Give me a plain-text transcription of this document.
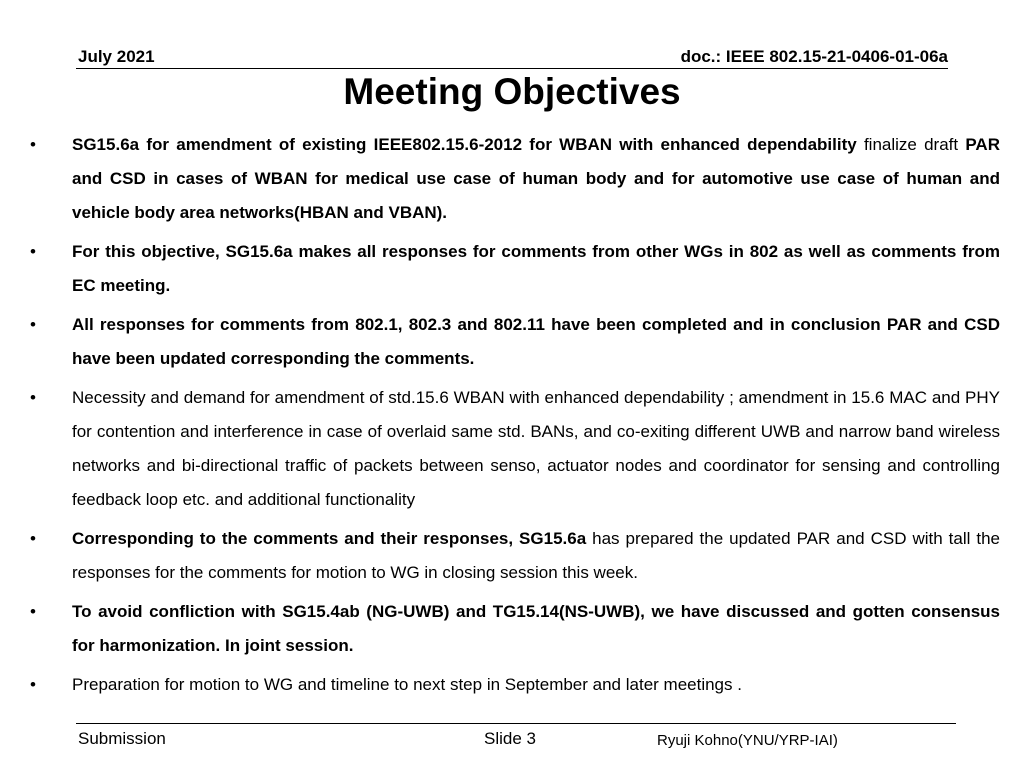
July 2021	doc.: IEEE 802.15-21-0406-01-06a
Meeting Objectives
• SG15.6a for amendment of existing IEEE802.15.6-2012 for WBAN with enhanced dependability finalize draft PAR and CSD in cases of WBAN for medical use case of human body and for automotive use case of human and vehicle body area networks(HBAN and VBAN).
• For this objective, SG15.6a makes all responses for comments from other WGs in 802 as well as comments from EC meeting.
• All responses for comments from 802.1, 802.3 and 802.11 have been completed and in conclusion PAR and CSD have been updated corresponding the comments.
• Necessity and demand for amendment of std.15.6 WBAN with enhanced dependability ; amendment in 15.6 MAC and PHY for contention and interference in case of overlaid same std. BANs, and co-exiting different UWB and narrow band wireless networks and bi-directional traffic of packets between senso, actuator nodes and coordinator for sensing and controlling feedback loop etc. and additional functionality
• Corresponding to the comments and their responses, SG15.6a has prepared the updated PAR and CSD with tall the responses for the comments for motion to WG in closing session this week.
• To avoid confliction with SG15.4ab (NG-UWB) and TG15.14(NS-UWB), we have discussed and gotten consensus for harmonization. In joint session.
• Preparation for motion to WG and timeline to next step in September and later meetings .
Submission	Slide 3	Ryuji Kohno(YNU/YRP-IAI)
